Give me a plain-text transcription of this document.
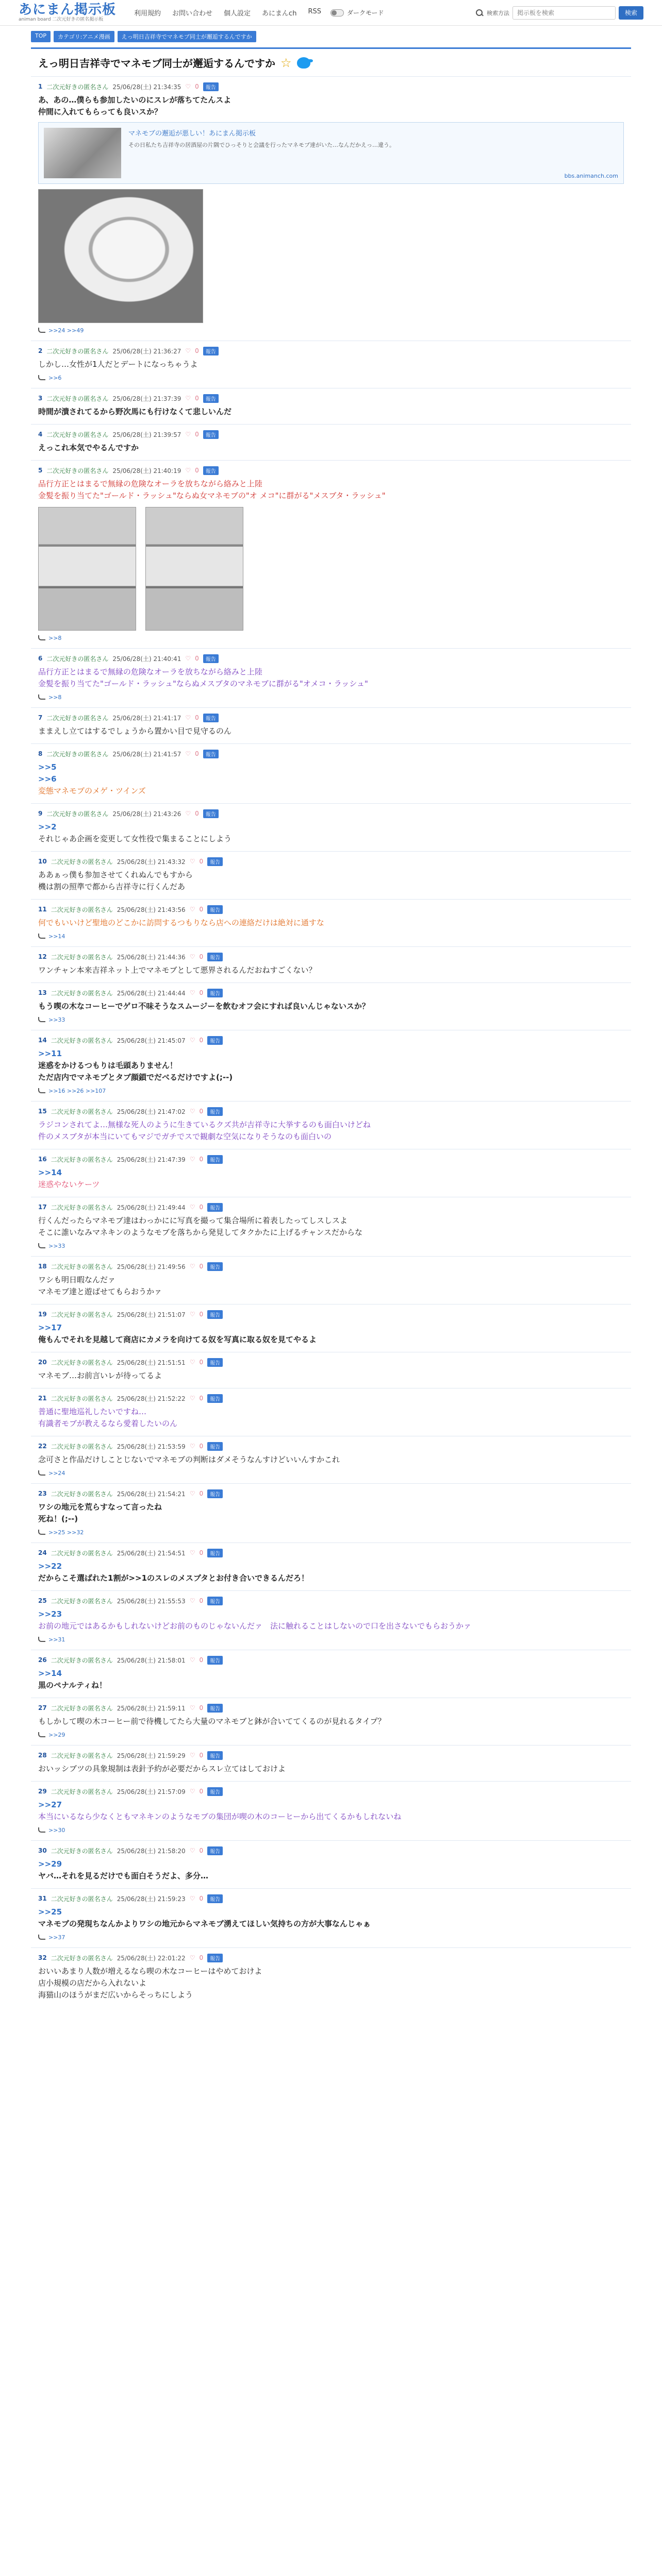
あにまん掲示板
animan board 二次元好きの匿名掲示板
利用規約 お問い合わせ 個人設定 あにまんch RSS	ダークモード	検索方法
掲示板を検索	検索
TOP	カテゴリ:アニメ漫画	えっ明日吉祥寺でマネモブ同士が邂逅するんですか
えっ明日吉祥寺でマネモブ同士が邂逅するんですか ☆
1 二次元好きの匿名さん 25/06/28(土) 21:34:35 ♡ 0	報告
あ、あの…僕らも参加したいのにスレが落ちてたんスよ
仲間に入れてもらっても良いスか？
マネモブの邂逅が悪しい！あにまん掲示板
その日私たち吉祥寺の居酒屋の片隅でひっそりと会議を行ったマネモブ達がいた…なんだかえっ…違う。
bbs.animanch.com
>>24 >>49
2 二次元好きの匿名さん 25/06/28(土) 21:36:27 ♡ 0	報告
しかし…女性が1人だとデートになっちゃうよ
>>6
3 二次元好きの匿名さん 25/06/28(土) 21:37:39 ♡ 0	報告
時間が潰されてるから野次馬にも行けなくて悲しいんだ
4 二次元好きの匿名さん 25/06/28(土) 21:39:57 ♡ 0	報告
えっこれ本気でやるんですか
5 二次元好きの匿名さん 25/06/28(土) 21:40:19 ♡ 0	報告
品行方正とはまるで無縁の危険なオーラを放ちながら絡みと上陸
金髪を振り当てた"ゴールド・ラッシュ"ならぬ女マネモブの"オ メコ"に群がる"メスブタ・ラッシュ"
>>8
6 二次元好きの匿名さん 25/06/28(土) 21:40:41 ♡ 0	報告
品行方正とはまるで無縁の危険なオーラを放ちながら絡みと上陸
金髪を振り当てた"ゴールド・ラッシュ"ならぬメスブタのマネモブに群がる"オメコ・ラッシュ"
>>8
7 二次元好きの匿名さん 25/06/28(土) 21:41:17 ♡ 0	報告
ままえし立てはするでしょうから置かい目で見守るのん
8 二次元好きの匿名さん 25/06/28(土) 21:41:57 ♡ 0	報告
>>5
>>6
変態マネモブのメゲ・ツインズ
9 二次元好きの匿名さん 25/06/28(土) 21:43:26 ♡ 0	報告
>>2
それじゃあ企画を変更して女性役で集まることにしよう
10 二次元好きの匿名さん 25/06/28(土) 21:43:32 ♡ 0	報告
ああぁっ僕も参加させてくれぬんでもすから
機は割の照準で都から吉祥寺に行くんだあ
11 二次元好きの匿名さん 25/06/28(土) 21:43:56 ♡ 0	報告
何でもいいけど聖地のどこかに訪問するつもりなら店への連絡だけは絶対に通すな
>>14
12 二次元好きの匿名さん 25/06/28(土) 21:44:36 ♡ 0	報告
ワンチャン本来吉祥ネット上でマネモブとして悪界されるんだおねすごくない？
13 二次元好きの匿名さん 25/06/28(土) 21:44:44 ♡ 0	報告
もう喫の木なコーヒーでゲロ不味そうなスムージーを飲むオフ会にすれば良いんじゃないスか？
>>33
14 二次元好きの匿名さん 25/06/28(土) 21:45:07 ♡ 0	報告
>>11
迷惑をかけるつもりは毛頭ありません！
ただ店内でマネモブとタブ顔鎖でだべるだけですよ(;--)
>>16 >>26 >>107
15 二次元好きの匿名さん 25/06/28(土) 21:47:02 ♡ 0	報告
ラジコンされてよ…無様な死人のように生きているクズ共が吉祥寺に大挙するのも面白いけどね
件のメスブタが本当にいてもマジでガチでスで観劇な空気になりそうなのも面白いの
16 二次元好きの匿名さん 25/06/28(土) 21:47:39 ♡ 0	報告
>>14
迷惑やないケーツ
17 二次元好きの匿名さん 25/06/28(土) 21:49:44 ♡ 0	報告
行くんだったらマネモブ達はわっかにに写真を撮って集合場所に着表したってしスしスよ
そこに誰いなみマネキンのようなモブを落ちから発見してタクかたに上げるチャンスだからな
>>33
18 二次元好きの匿名さん 25/06/28(土) 21:49:56 ♡ 0	報告
ワシも明日暇なんだァ
マネモブ達と遊ばせてもらおうかァ
19 二次元好きの匿名さん 25/06/28(土) 21:51:07 ♡ 0	報告
>>17
俺もんでそれを見越して商店にカメラを向けてる奴を写真に取る奴を見てやるよ
20 二次元好きの匿名さん 25/06/28(土) 21:51:51 ♡ 0	報告
マネモブ…お前言いレが待ってるよ
21 二次元好きの匿名さん 25/06/28(土) 21:52:22 ♡ 0	報告
普通に聖地巡礼したいですね…
有識者モブが教えるなら愛着したいのん
22 二次元好きの匿名さん 25/06/28(土) 21:53:59 ♡ 0	報告
念可さと作品だけしことじないでマネモブの判断はダメそうなんすけどいいんすかこれ
>>24
23 二次元好きの匿名さん 25/06/28(土) 21:54:21 ♡ 0	報告
ワシの地元を荒らすなって言ったね
死ね！(;--)
>>25 >>32
24 二次元好きの匿名さん 25/06/28(土) 21:54:51 ♡ 0	報告
>>22
だからこそ選ばれた1割が>>1のスレのメスブタとお付き合いできるんだろ！
25 二次元好きの匿名さん 25/06/28(土) 21:55:53 ♡ 0	報告
>>23
お前の地元ではあるかもしれないけどお前のものじゃないんだァ　法に触れることはしないので口を出さないでもらおうかァ
>>31
26 二次元好きの匿名さん 25/06/28(土) 21:58:01 ♡ 0	報告
>>14
黒のペナルティね！
27 二次元好きの匿名さん 25/06/28(土) 21:59:11 ♡ 0	報告
もしかして喫の木コーヒー前で待機してたら大量のマネモブと鉢が合いててくるのが見れるタイプ？
>>29
28 二次元好きの匿名さん 25/06/28(土) 21:59:29 ♡ 0	報告
おいッシブツの具象規制は表針予約が必要だからスレ立てはしておけよ
29 二次元好きの匿名さん 25/06/28(土) 21:57:09 ♡ 0	報告
>>27
本当にいるなら少なくともマネキンのようなモブの集団が喫の木のコーヒーから出てくるかもしれないね
>>30
30 二次元好きの匿名さん 25/06/28(土) 21:58:20 ♡ 0	報告
>>29
ヤバ…それを見るだけでも面白そうだよ、多分…
31 二次元好きの匿名さん 25/06/28(土) 21:59:23 ♡ 0	報告
>>25
マネモブの発現ちなんかよりワシの地元からマネモブ湧えてほしい気持ちの方が大事なんじゃぁ
>>37
32 二次元好きの匿名さん 25/06/28(土) 22:01:22 ♡ 0	報告
おいいあまり人数が増えるなら喫の木なコーヒーはやめておけよ
店小規模の店だから入れないよ
海猫山のほうがまだ広いからそっちにしよう
